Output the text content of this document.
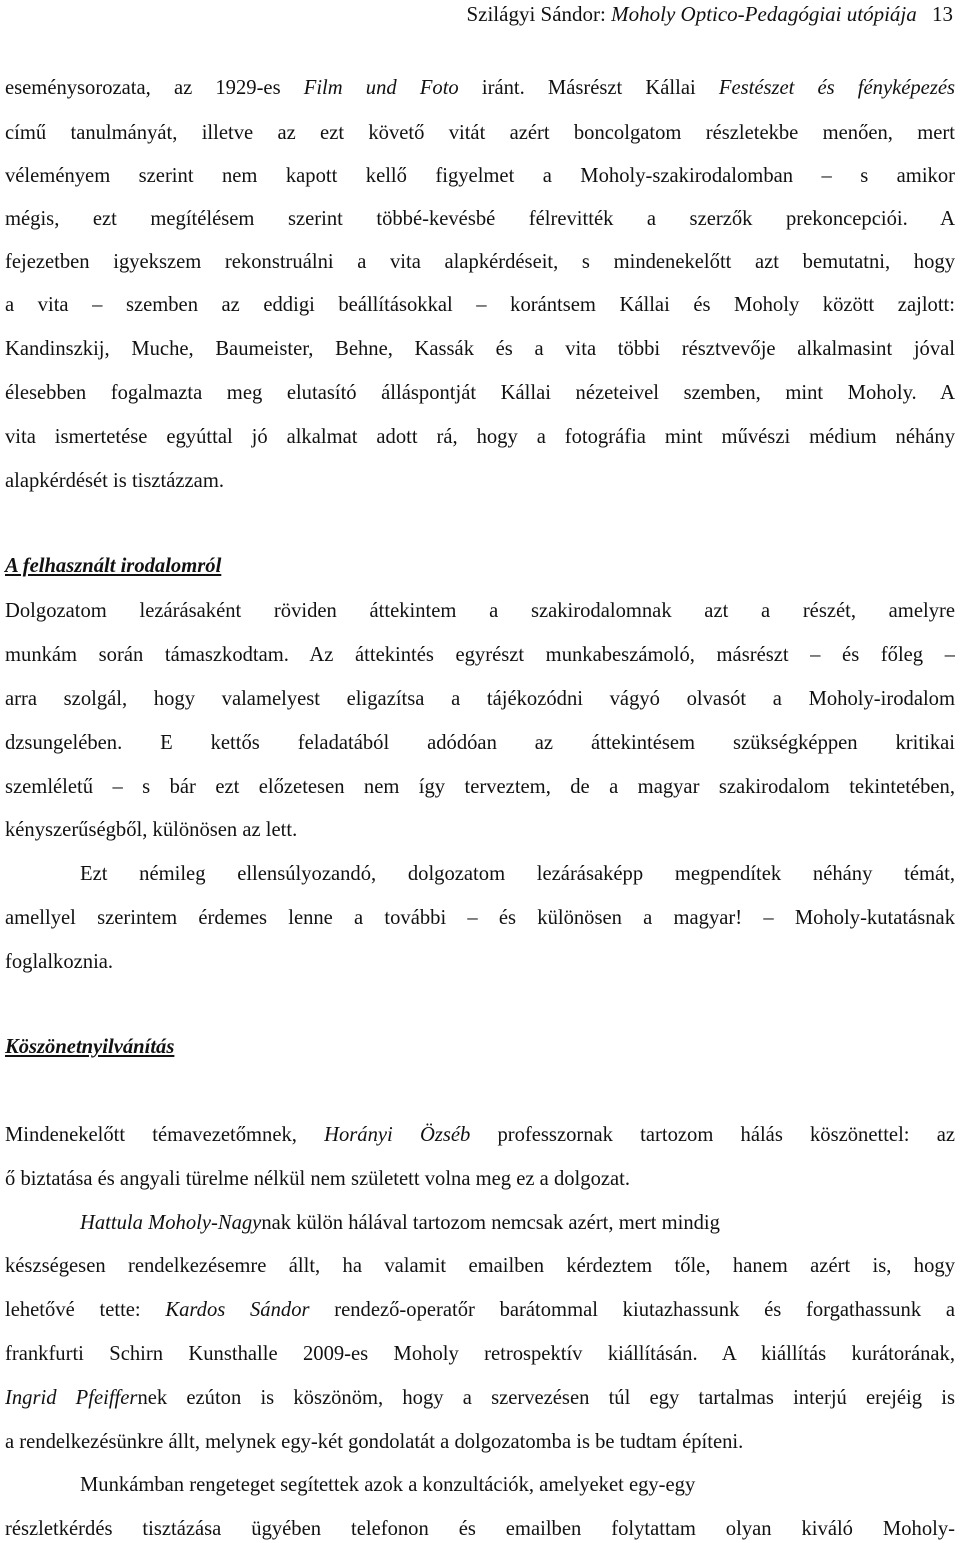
Szilágyi Sándor: Moholy Optico-Pedagógiai utópiája 13
eseménysorozata, az 1929-es Film und Foto iránt. Másrészt Kállai Festészet és fényképezés
című tanulmányát, illetve az ezt követő vitát azért boncolgatom részletekbe menően, mert
véleményem szerint nem kapott kellő figyelmet a Moholy-szakirodalomban – s amikor
mégis, ezt megítélésem szerint többé-kevésbé félrevitték a szerzők prekoncepciói. A
fejezetben igyekszem rekonstruálni a vita alapkérdéseit, s mindenekelőtt azt bemutatni, hogy
a vita – szemben az eddigi beállításokkal – korántsem Kállai és Moholy között zajlott:
Kandinszkij, Muche, Baumeister, Behne, Kassák és a vita többi résztvevője alkalmasint jóval
élesebben fogalmazta meg elutasító álláspontját Kállai nézeteivel szemben, mint Moholy. A
vita ismertetése egyúttal jó alkalmat adott rá, hogy a fotográfia mint művészi médium néhány
alapkérdését is tisztázzam.
A felhasznált irodalomról
Dolgozatom lezárásaként röviden áttekintem a szakirodalomnak azt a részét, amelyre
munkám során támaszkodtam. Az áttekintés egyrészt munkabeszámoló, másrészt – és főleg –
arra szolgál, hogy valamelyest eligazítsa a tájékozódni vágyó olvasót a Moholy-irodalom
dzsungelében. E kettős feladatából adódóan az áttekintésem szükségképpen kritikai
szemléletű – s bár ezt előzetesen nem így terveztem, de a magyar szakirodalom tekintetében,
kényszerűségből, különösen az lett.
Ezt némileg ellensúlyozandó, dolgozatom lezárásaképp megpendítek néhány témát,
amellyel szerintem érdemes lenne a további – és különösen a magyar! – Moholy-kutatásnak
foglalkoznia.
Köszönetnyilvánítás
Mindenekelőtt témavezetőmnek, Horányi Özséb professzornak tartozom hálás köszönettel: az
ő biztatása és angyali türelme nélkül nem született volna meg ez a dolgozat.
Hattula Moholy-Nagynak külön hálával tartozom nemcsak azért, mert mindig
készségesen rendelkezésemre állt, ha valamit emailben kérdeztem tőle, hanem azért is, hogy
lehetővé tette: Kardos Sándor rendező-operatőr barátommal kiutazhassunk és forgathassunk a
frankfurti Schirn Kunsthalle 2009-es Moholy retrospektív kiállításán. A kiállítás kurátorának,
Ingrid Pfeiffernek ezúton is köszönöm, hogy a szervezésen túl egy tartalmas interjú erejéig is
a rendelkezésünkre állt, melynek egy-két gondolatát a dolgozatomba is be tudtam építeni.
Munkámban rengeteget segítettek azok a konzultációk, amelyeket egy-egy
részletkérdés tisztázása ügyében telefonon és emailben folytattam olyan kiváló Moholy-
